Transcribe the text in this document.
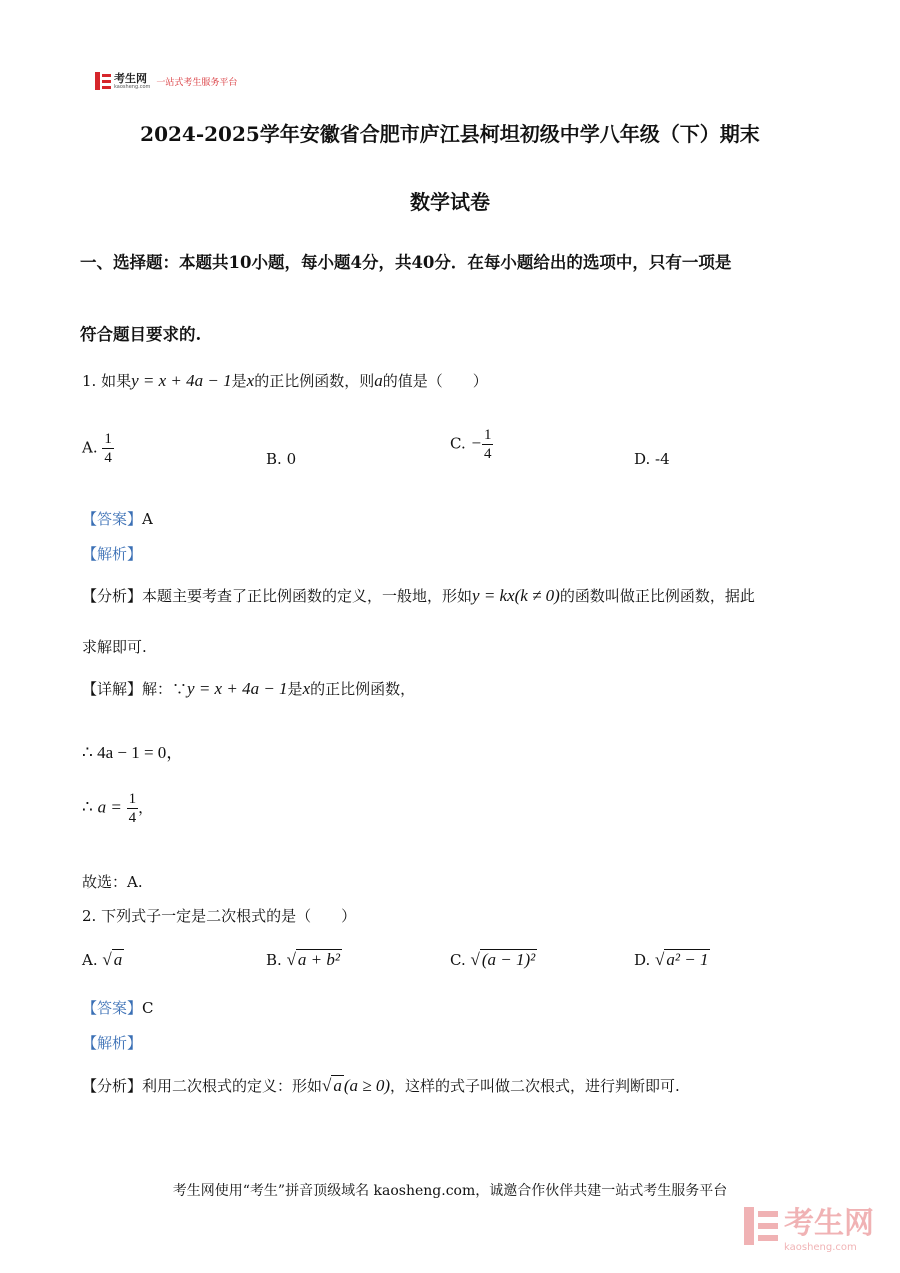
考生网
kaosheng.com 一站式考生服务平台
2024-2025学年安徽省合肥市庐江县柯坦初级中学八年级（下）期末
数学试卷
一、选择题：本题共10小题，每小题4分，共40分．在每小题给出的选项中，只有一项是
符合题目要求的.
1. 如果y = x + 4a − 1是x的正比例函数，则a的值是（　　）
A. $\frac{1}{4}$	B. 0
C. − $\frac{1}{4}$	D. -4
【答案】A
【解析】
【分析】本题主要考查了正比例函数的定义，一般地，形如y = kx(k ≠ 0)的函数叫做正比例函数，据此
求解即可.
【详解】解：∵y = x + 4a − 1是x的正比例函数，
∴ 4a − 1 = 0，
∴ $a = \frac{1}{4}$ ，
故选：A.
2. 下列式子一定是二次根式的是（　　）
A. √ a	B. √ a + b²	C. √ (a − 1)²	D. √ a² − 1
【答案】C
【解析】
【分析】利用二次根式的定义：形如√ a (a ≥ 0)，这样的式子叫做二次根式，进行判断即可.
考生网使用“考生”拼音顶级域名 kaosheng.com，诚邀合作伙伴共建一站式考生服务平台
考生网
kaosheng.com
